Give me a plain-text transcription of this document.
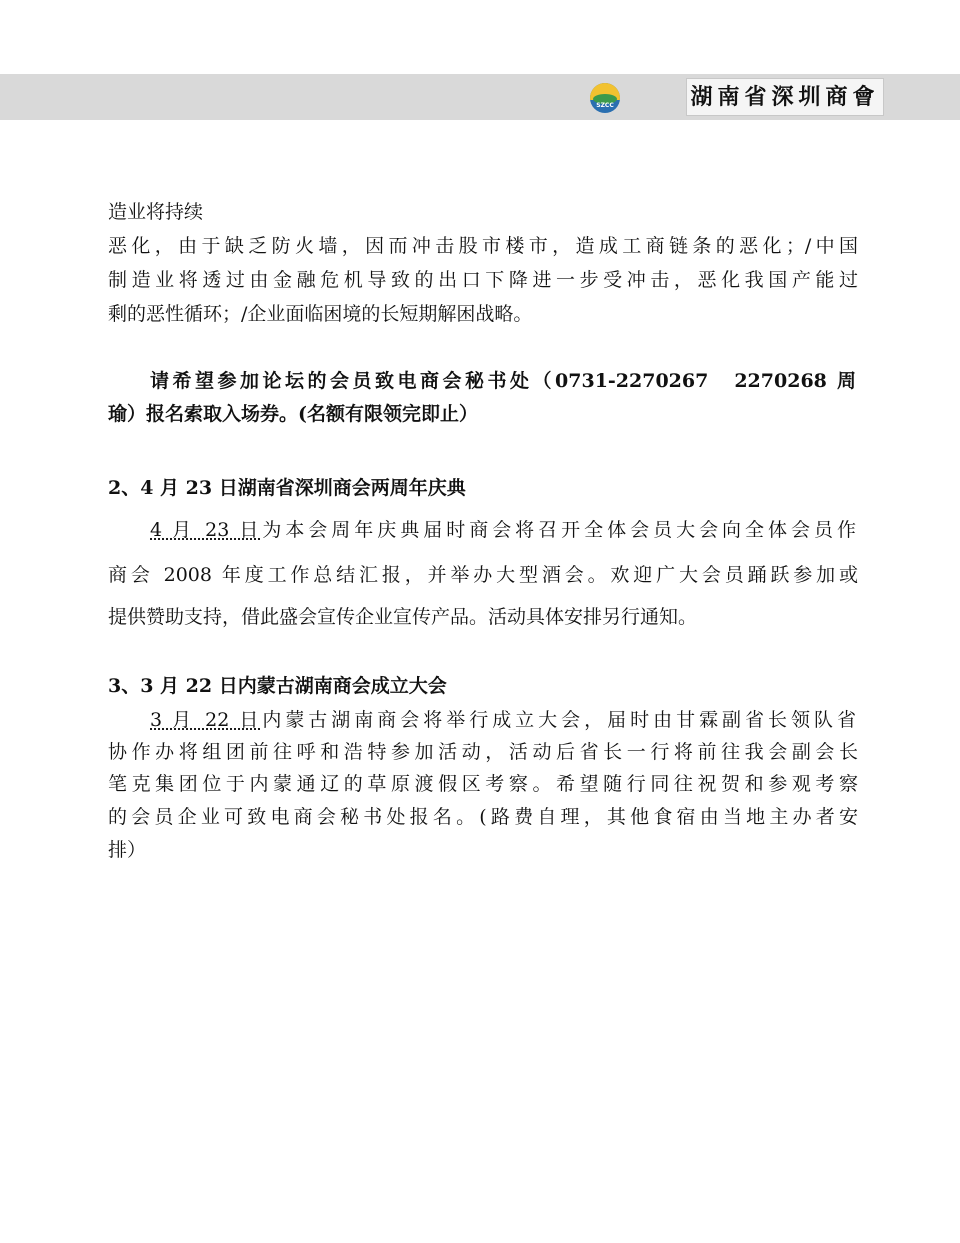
SZCC	湖南省深圳商會
造业将持续
恶化，由于缺乏防火墙，因而冲击股市楼市，造成工商链条的恶化；/中国
制造业将透过由金融危机导致的出口下降进一步受冲击，恶化我国产能过
剩的恶性循环；/企业面临困境的长短期解困战略。
请希望参加论坛的会员致电商会秘书处（0731-2270267　2270268 周
瑜）报名索取入场券。(名额有限领完即止）
2、4 月 23 日湖南省深圳商会两周年庆典
4 月 23 日为本会周年庆典届时商会将召开全体会员大会向全体会员作
商会 2008 年度工作总结汇报，并举办大型酒会。欢迎广大会员踊跃参加或
提供赞助支持，借此盛会宣传企业宣传产品。活动具体安排另行通知。
3、3 月 22 日内蒙古湖南商会成立大会
3 月 22 日内蒙古湖南商会将举行成立大会，届时由甘霖副省长领队省
协作办将组团前往呼和浩特参加活动，活动后省长一行将前往我会副会长
笔克集团位于内蒙通辽的草原渡假区考察。希望随行同往祝贺和参观考察
的会员企业可致电商会秘书处报名。(路费自理，其他食宿由当地主办者安
排）
